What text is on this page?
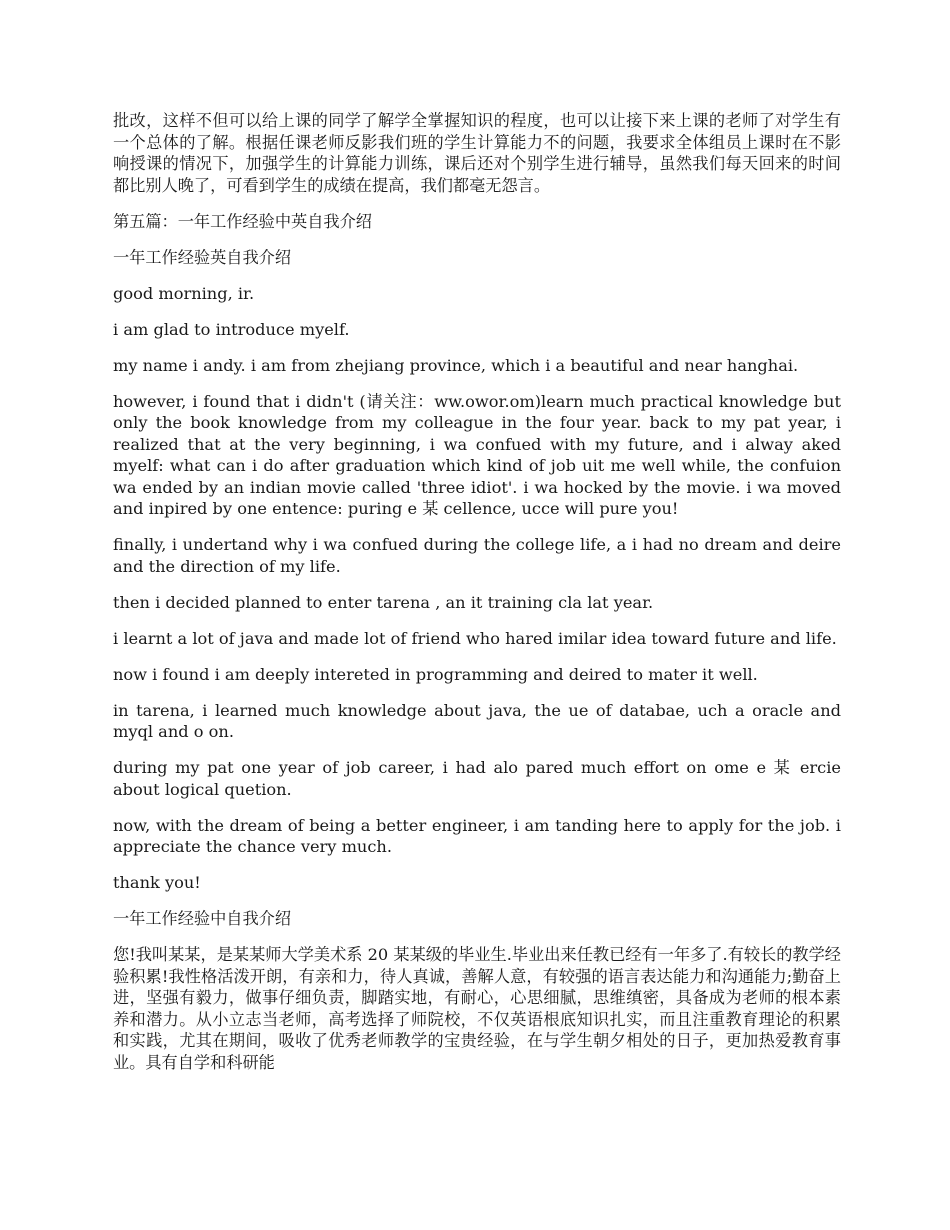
批改，这样不但可以给上课的同学了解学全掌握知识的程度，也可以让接下来上课的老师了对学生有一个总体的了解。根据任课老师反影我们班的学生计算能力不的问题，我要求全体组员上课时在不影响授课的情况下，加强学生的计算能力训练，课后还对个别学生进行辅导，虽然我们每天回来的时间都比别人晚了，可看到学生的成绩在提高，我们都毫无怨言。

第五篇：一年工作经验中英自我介绍

一年工作经验英自我介绍

good morning, ir.

i am glad to introduce myelf.

my name i andy. i am from zhejiang province, which i a beautiful and near hanghai.

however, i found that i didn't (请关注：ww.owor.om)learn much practical knowledge but only the book knowledge from my colleague in the four year. back to my pat year, i realized that at the very beginning, i wa confued with my future, and i alway aked myelf: what can i do after graduation which kind of job uit me well while, the confuion wa ended by an indian movie called 'three idiot'. i wa hocked by the movie. i wa moved and inpired by one entence: puring e 某 cellence, ucce will pure you!

finally, i undertand why i wa confued during the college life, a i had no dream and deire and the direction of my life.

then i decided planned to enter tarena , an it training cla lat year.

i learnt a lot of java and made lot of friend who hared imilar idea toward future and life.

now i found i am deeply intereted in programming and deired to mater it well.

in tarena, i learned much knowledge about java, the ue of databae, uch a oracle and myql and o on.

during my pat one year of job career, i had alo pared much effort on ome e 某 ercie about logical quetion.

now, with the dream of being a better engineer, i am tanding here to apply for the job. i appreciate the chance very much.

thank you!

一年工作经验中自我介绍

您!我叫某某，是某某师大学美术系 20 某某级的毕业生.毕业出来任教已经有一年多了.有较长的教学经验积累!我性格活泼开朗，有亲和力，待人真诚，善解人意，有较强的语言表达能力和沟通能力;勤奋上进，坚强有毅力，做事仔细负责，脚踏实地，有耐心，心思细腻，思维缜密，具备成为老师的根本素养和潜力。从小立志当老师，高考选择了师院校，不仅英语根底知识扎实，而且注重教育理论的积累和实践，尤其在期间，吸收了优秀老师教学的宝贵经验，在与学生朝夕相处的日子，更加热爱教育事业。具有自学和科研能
